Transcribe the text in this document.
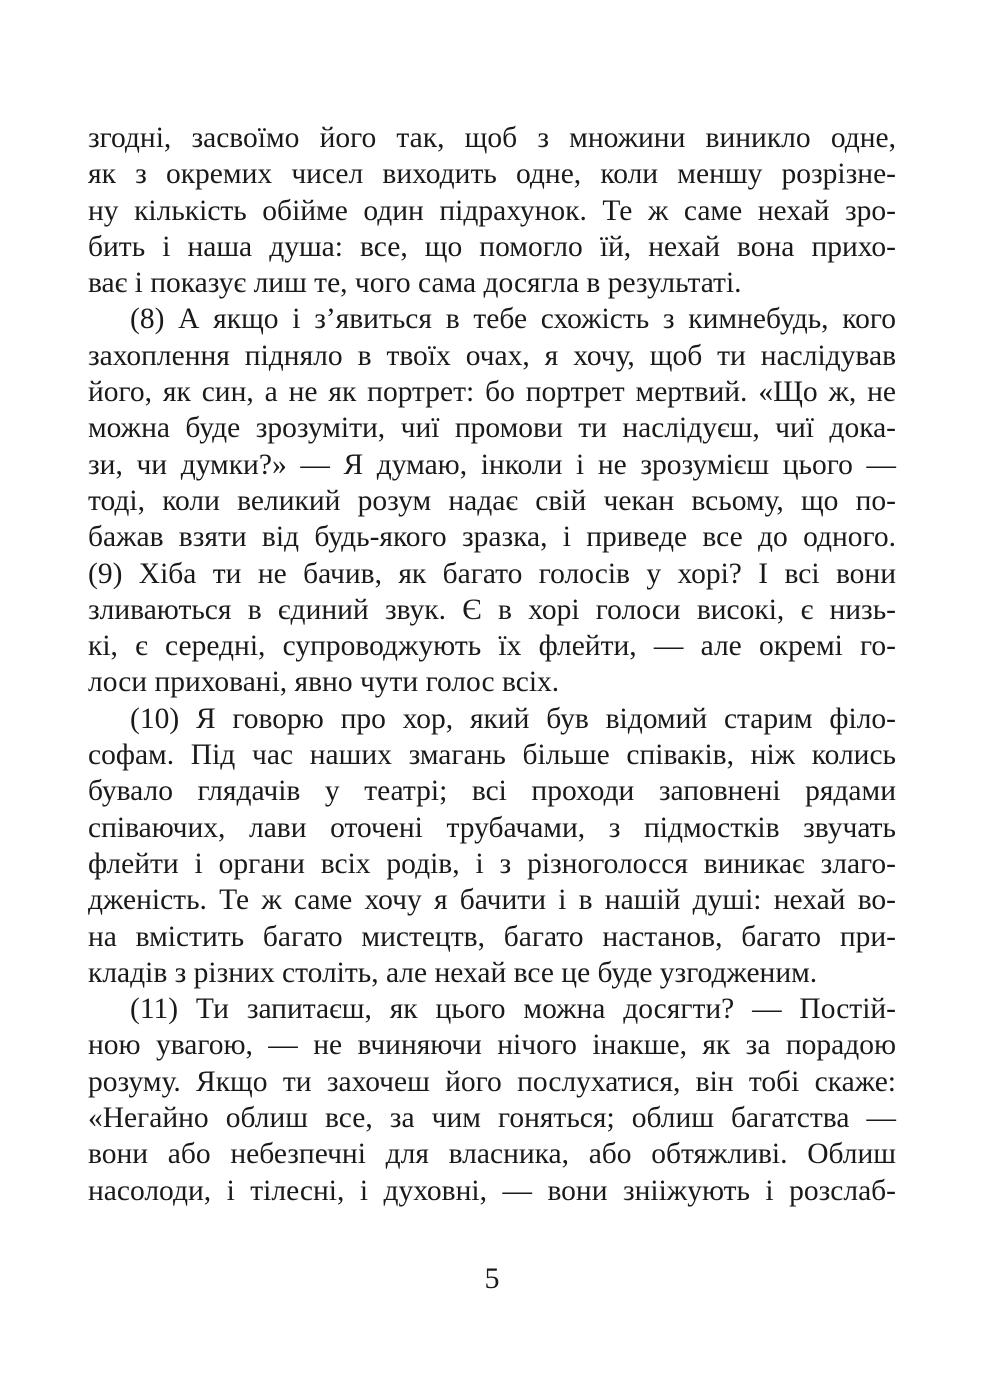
згодні, засвоїмо його так, щоб з множини виникло одне,
як з окремих чисел виходить одне, коли меншу розрізне-
ну кількість обійме один підрахунок. Те ж саме нехай зро-
бить і наша душа: все, що помогло їй, нехай вона прихо-
ває і показує лиш те, чого сама досягла в результаті.
(8) А якщо і з’явиться в тебе схожість з кимнебудь, кого
захоплення підняло в твоїх очах, я хочу, щоб ти наслідував
його, як син, а не як портрет: бо портрет мертвий. «Що ж, не
можна буде зрозуміти, чиї промови ти наслідуєш, чиї дока-
зи, чи думки?» — Я думаю, інколи і не зрозумієш цього —
тоді, коли великий розум надає свій чекан всьому, що по-
бажав взяти від будь-якого зразка, і приведе все до одного.
(9) Хіба ти не бачив, як багато голосів у хорі? І всі вони
зливаються в єдиний звук. Є в хорі голоси високі, є низь-
кі, є середні, супроводжують їх флейти, — але окремі го-
лоси приховані, явно чути голос всіх.
(10) Я говорю про хор, який був відомий старим філо-
софам. Під час наших змагань більше співаків, ніж колись
бувало глядачів у театрі; всі проходи заповнені рядами
співаючих, лави оточені трубачами, з підмостків звучать
флейти і органи всіх родів, і з різноголосся виникає злаго-
дженість. Те ж саме хочу я бачити і в нашій душі: нехай во-
на вмістить багато мистецтв, багато настанов, багато при-
кладів з різних століть, але нехай все це буде узгодженим.
(11) Ти запитаєш, як цього можна досягти? — Постій-
ною увагою, — не вчиняючи нічого інакше, як за порадою
розуму. Якщо ти захочеш його послухатися, він тобі скаже:
«Негайно облиш все, за чим гоняться; облиш багатства —
вони або небезпечні для власника, або обтяжливі. Облиш
насолоди, і тілесні, і духовні, — вони знііжують і розслаб-
5
